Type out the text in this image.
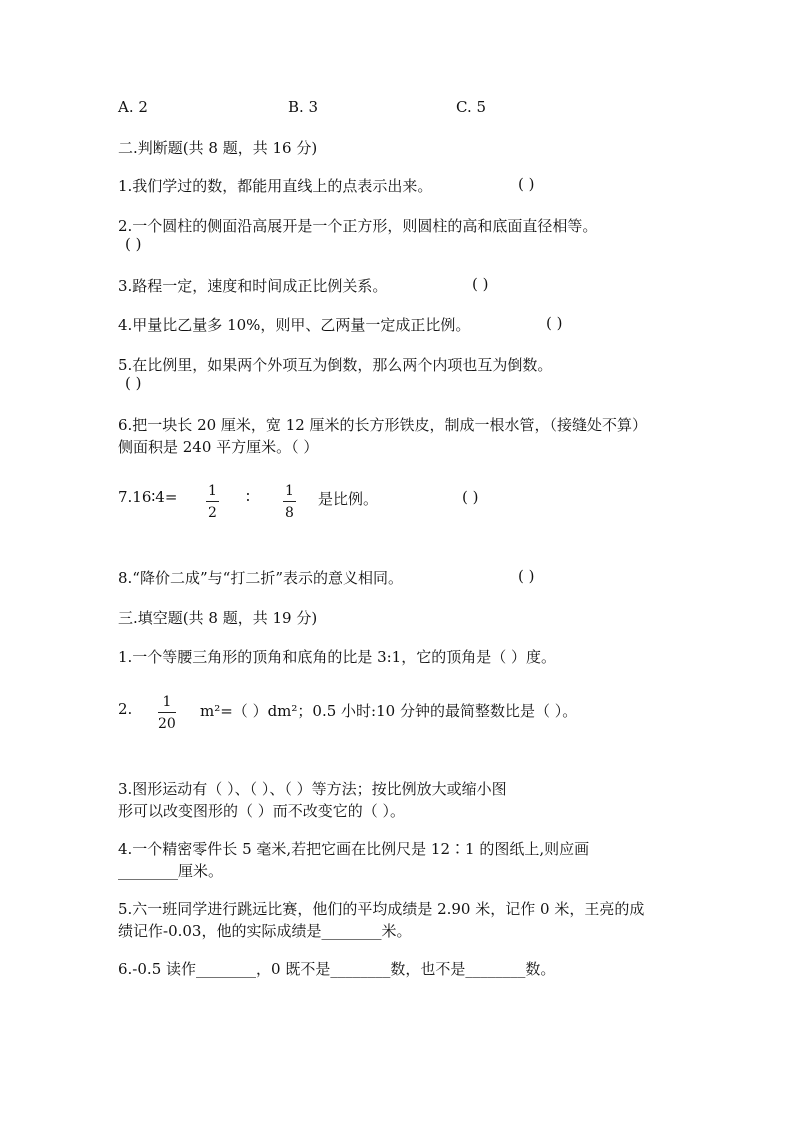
A. 2	B. 3	C. 5
二.判断题(共 8 题，共 16 分)
1.我们学过的数，都能用直线上的点表示出来。	( )
2.一个圆柱的侧面沿高展开是一个正方形，则圆柱的高和底面直径相等。
( )
3.路程一定，速度和时间成正比例关系。	( )
4.甲量比乙量多 10%，则甲、乙两量一定成正比例。	( )
5.在比例里，如果两个外项互为倒数，那么两个内项也互为倒数。
( )
6.把一块长 20 厘米，宽 12 厘米的长方形铁皮，制成一根水管，（接缝处不算）
侧面积是 240 平方厘米。（ ）
7.16∶4= 1
2
∶	1
8
是比例。	( )
8.“降价二成”与“打二折”表示的意义相同。	( )
三.填空题(共 8 题，共 19 分)
1.一个等腰三角形的顶角和底角的比是 3:1，它的顶角是（ ）度。
2. 1
20
m²=（ ）dm²；0.5 小时:10 分钟的最简整数比是（ ）。
3.图形运动有（ ）、（ ）、（ ）等方法；按比例放大或缩小图
形可以改变图形的（ ）而不改变它的（ ）。
4.一个精密零件长 5 毫米,若把它画在比例尺是 12∶1 的图纸上,则应画
________厘米。
5.六一班同学进行跳远比赛，他们的平均成绩是 2.90 米，记作 0 米，王亮的成
绩记作-0.03，他的实际成绩是________米。
6.-0.5 读作________，0 既不是________数，也不是________数。
